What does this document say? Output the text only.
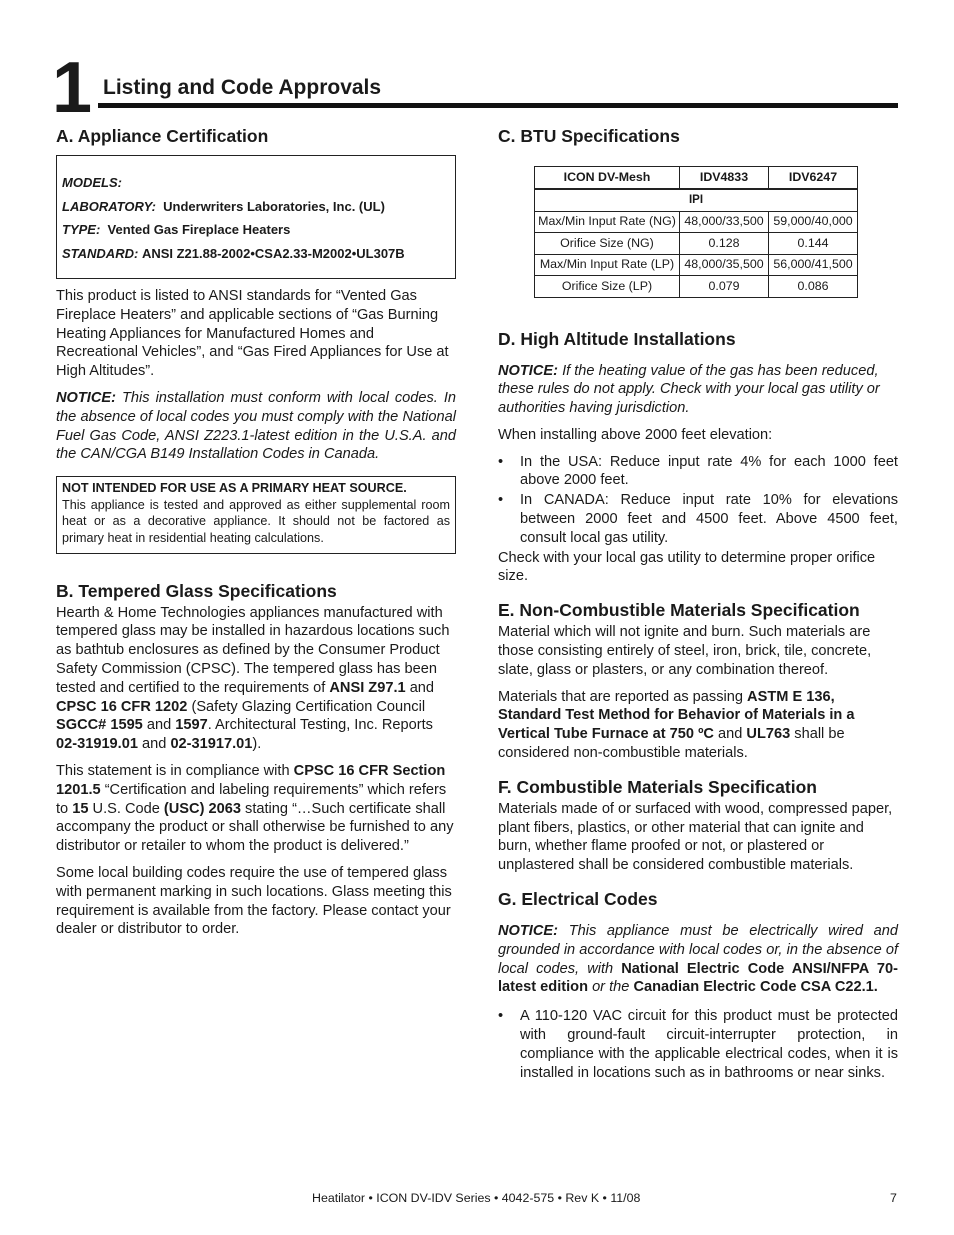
1 Listing and Code Approvals
A. Appliance Certification
MODELS:
LABORATORY: Underwriters Laboratories, Inc. (UL)
TYPE: Vented Gas Fireplace Heaters
STANDARD: ANSI Z21.88-2002•CSA2.33-M2002•UL307B

This product is listed to ANSI standards for “Vented Gas Fireplace Heaters” and applicable sections of “Gas Burning Heating Appliances for Manufactured Homes and Recreational Vehicles”, and “Gas Fired Appliances for Use at High Altitudes”.

NOTICE: This installation must conform with local codes. In the absence of local codes you must comply with the National Fuel Gas Code, ANSI Z223.1-latest edition in the U.S.A. and the CAN/CGA B149 Installation Codes in Canada.

NOT INTENDED FOR USE AS A PRIMARY HEAT SOURCE.
This appliance is tested and approved as either supplemental room heat or as a decorative appliance. It should not be factored as primary heat in residential heating calculations.
B. Tempered Glass Specifications

Hearth & Home Technologies appliances manufactured with tempered glass may be installed in hazardous locations such as bathtub enclosures as defined by the Consumer Product Safety Commission (CPSC). The tempered glass has been tested and certified to the requirements of ANSI Z97.1 and CPSC 16 CFR 1202 (Safety Glazing Certification Council SGCC# 1595 and 1597. Architectural Testing, Inc. Reports 02-31919.01 and 02-31917.01).

This statement is in compliance with CPSC 16 CFR Section 1201.5 “Certification and labeling requirements” which refers to 15 U.S. Code (USC) 2063 stating “…Such certificate shall accompany the product or shall otherwise be furnished to any distributor or retailer to whom the product is delivered.”

Some local building codes require the use of tempered glass with permanent marking in such locations. Glass meeting this requirement is available from the factory. Please contact your dealer or distributor to order.

C. BTU Specifications
ICON DV-Mesh	IDV4833	IDV6247
IPI		
Max/Min Input Rate (NG)	48,000/33,500	59,000/40,000
Orifice Size (NG)	0.128	0.144
Max/Min Input Rate (LP)	48,000/35,500	56,000/41,500
Orifice Size (LP)	0.079	0.086
D. High Altitude Installations

NOTICE: If the heating value of the gas has been reduced, these rules do not apply. Check with your local gas utility or authorities having jurisdiction.

When installing above 2000 feet elevation:

• In the USA: Reduce input rate 4% for each 1000 feet above 2000 feet.
• In CANADA: Reduce input rate 10% for elevations between 2000 feet and 4500 feet. Above 4500 feet, consult local gas utility.

Check with your local gas utility to determine proper orifice size.

E. Non-Combustible Materials Specification

Material which will not ignite and burn. Such materials are those consisting entirely of steel, iron, brick, tile, concrete, slate, glass or plasters, or any combination thereof.

Materials that are reported as passing ASTM E 136, Standard Test Method for Behavior of Materials in a Vertical Tube Furnace at 750 ºC and UL763 shall be considered non-combustible materials.

F. Combustible Materials Specification

Materials made of or surfaced with wood, compressed paper, plant fibers, plastics, or other material that can ignite and burn, whether flame proofed or not, or plastered or unplastered shall be considered combustible materials.

G. Electrical Codes

NOTICE: This appliance must be electrically wired and grounded in accordance with local codes or, in the absence of local codes, with National Electric Code ANSI/NFPA 70-latest edition or the Canadian Electric Code CSA C22.1.

• A 110-120 VAC circuit for this product must be protected with ground-fault circuit-interrupter protection, in compliance with the applicable electrical codes, when it is installed in locations such as in bathrooms or near sinks.
Heatilator • ICON DV-IDV Series • 4042-575 • Rev K • 11/08	7
